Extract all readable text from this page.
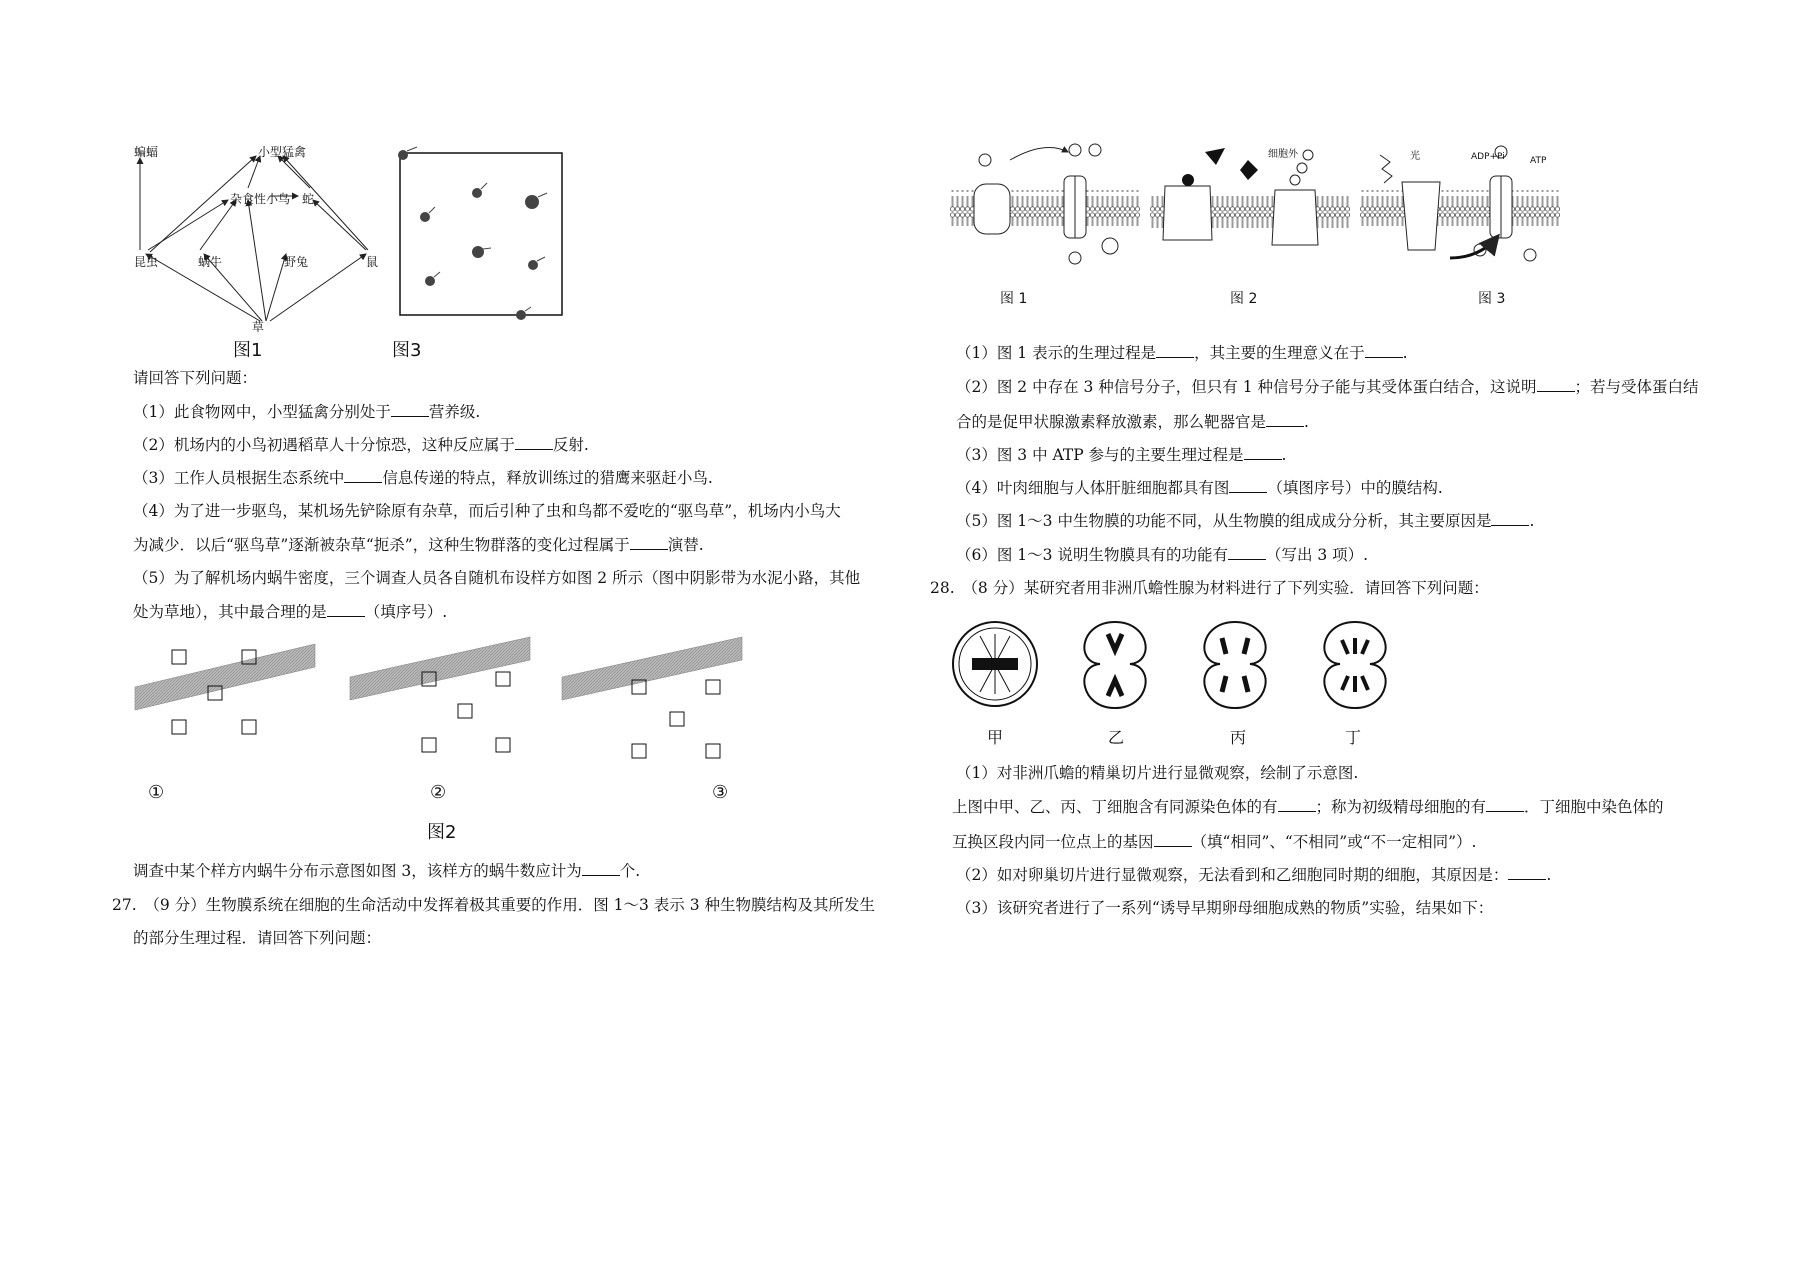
蝙蝠	小型猛禽
杂食性小鸟 蛇
昆虫	蜗牛	野兔	鼠
草
图1	图3
请回答下列问题：
（1）此食物网中，小型猛禽分别处于 营养级.
（2）机场内的小鸟初遇稻草人十分惊恐，这种反应属于 反射.
（3）工作人员根据生态系统中 信息传递的特点，释放训练过的猎鹰来驱赶小鸟.
（4）为了进一步驱鸟，某机场先铲除原有杂草，而后引种了虫和鸟都不爱吃的“驱鸟草”，机场内小鸟大
为减少．以后“驱鸟草”逐渐被杂草“扼杀”，这种生物群落的变化过程属于 演替.
（5）为了解机场内蜗牛密度，三个调查人员各自随机布设样方如图 2 所示（图中阴影带为水泥小路，其他
处为草地），其中最合理的是 （填序号）.
①	②	③
图2
调查中某个样方内蜗牛分布示意图如图 3，该样方的蜗牛数应计为 个.
27.　（9 分）生物膜系统在细胞的生命活动中发挥着极其重要的作用．图 1～3 表示 3 种生物膜结构及其所发生
的部分生理过程．请回答下列问题：
细胞外	光	ADP+Pi	ATP
图 1	图 2	图 3
（1）图 1 表示的生理过程是 ，其主要的生理意义在于 .
（2）图 2 中存在 3 种信号分子，但只有 1 种信号分子能与其受体蛋白结合，这说明 ；若与受体蛋白结
合的是促甲状腺激素释放激素，那么靶器官是 .
（3）图 3 中 ATP 参与的主要生理过程是 .
（4）叶肉细胞与人体肝脏细胞都具有图 （填图序号）中的膜结构.
（5）图 1～3 中生物膜的功能不同，从生物膜的组成成分分析，其主要原因是 .
（6）图 1～3 说明生物膜具有的功能有 （写出 3 项）.
28.　（8 分）某研究者用非洲爪蟾性腺为材料进行了下列实验．请回答下列问题：
甲	乙	丙	丁
（1）对非洲爪蟾的精巢切片进行显微观察，绘制了示意图.
上图中甲、乙、丙、丁细胞含有同源染色体的有 ；称为初级精母细胞的有 ．丁细胞中染色体的
互换区段内同一位点上的基因 （填“相同”、“不相同”或“不一定相同”）.
（2）如对卵巢切片进行显微观察，无法看到和乙细胞同时期的细胞，其原因是： .
（3）该研究者进行了一系列“诱导早期卵母细胞成熟的物质”实验，结果如下：
